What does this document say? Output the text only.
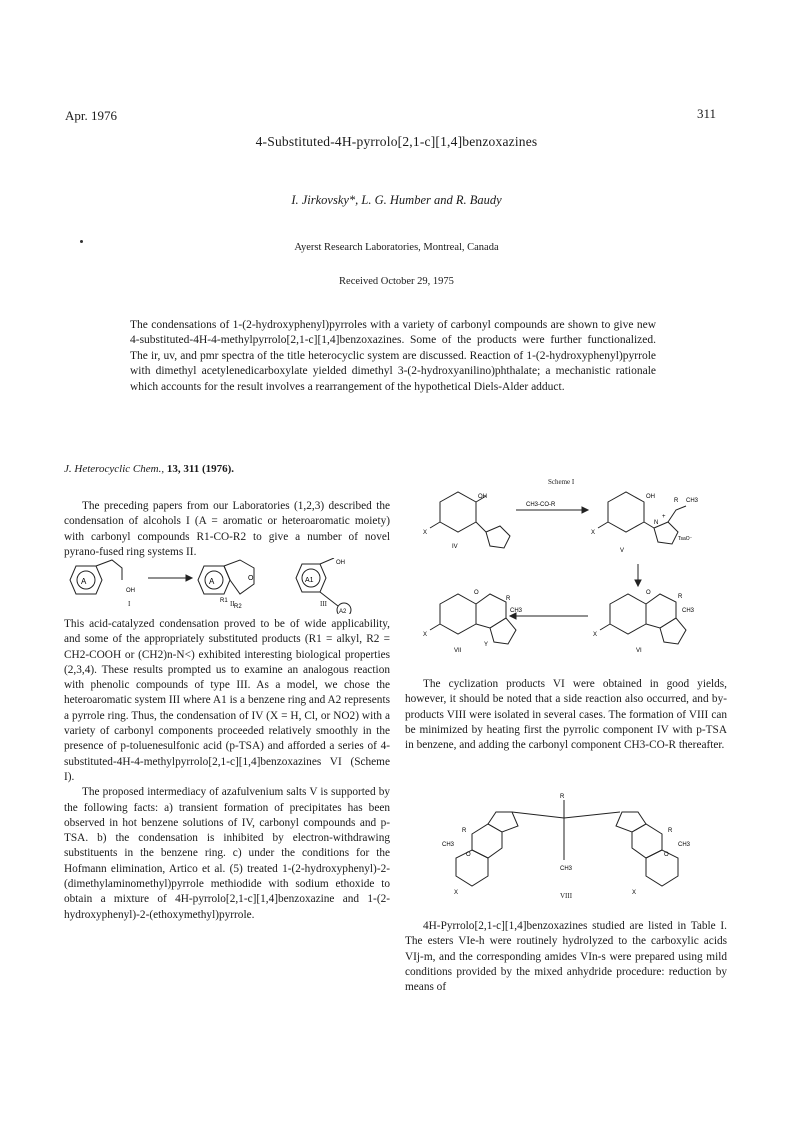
Apr. 1976	311
4-Substituted-4H-pyrrolo[2,1-c][1,4]benzoxazines
I. Jirkovsky*, L. G. Humber and R. Baudy
Ayerst Research Laboratories, Montreal, Canada
Received October 29, 1975
The condensations of 1-(2-hydroxyphenyl)pyrroles with a variety of carbonyl compounds are shown to give new 4-substituted-4H-4-methylpyrrolo[2,1-c][1,4]benzoxazines. Some of the products were further functionalized. The ir, uv, and pmr spectra of the title heterocyclic system are discussed. Reaction of 1-(2-hydroxyphenyl)pyrrole with dimethyl acetylenedicarboxylate yielded dimethyl 3-(2-hydroxyanilino)phthalate; a mechanistic rationale which accounts for the result involves a rearrangement of the hypothetical Diels-Alder adduct.
J. Heterocyclic Chem., 13, 311 (1976).

The preceding papers from our Laboratories (1,2,3) described the condensation of alcohols I (A = aromatic or heteroaromatic moiety) with carbonyl compounds R1-CO-R2 to give a number of novel pyrano-fused ring systems II.

A
OH
A	O
R1
R2
A1
OH
A2
I	II	III

This acid-catalyzed condensation proved to be of wide applicability, and some of the appropriately substituted products (R1 = alkyl, R2 = CH2-COOH or (CH2)n-N<) exhibited interesting biological properties (2,3,4). These results prompted us to examine an analogous reaction with phenolic compounds of type III. As a model, we chose the heteroaromatic system III where A1 is a benzene ring and A2 represents a pyrrole ring. Thus, the condensation of IV (X = H, Cl, or NO2) with a variety of carbonyl components proceeded relatively smoothly in the presence of p-toluenesulfonic acid (p-TSA) and afforded a series of 4-substituted-4H-4-methylpyrrolo[2,1-c][1,4]benzoxazines VI (Scheme I).

The proposed intermediacy of azafulvenium salts V is supported by the following facts: a) transient formation of precipitates has been observed in hot benzene solutions of IV, carbonyl compounds and p-TSA. b) the condensation is inhibited by electron-withdrawing substituents in the benzene ring. c) under the conditions for the Hofmann elimination, Artico et al. (5) treated 1-(2-hydroxyphenyl)-2-(dimethylaminomethyl)pyrrole methiodide with sodium ethoxide to obtain a mixture of 4H-pyrrolo[2,1-c][1,4]benzoxazine and 1-(2-hydroxyphenyl)-2-(ethoxymethyl)pyrrole.

Scheme I
OH
X
IV
CH3-CO-R
OH
R CH3
N
+
X
TsaO⁻
V
O
R
CH3
X
VI
O
R
CH3
X
Y
VII

The cyclization products VI were obtained in good yields, however, it should be noted that a side reaction also occurred, and by-products VIII were isolated in several cases. The formation of VIII can be minimized by heating first the pyrrolic component IV with p-TSA in benzene, and adding the carbonyl component CH3-CO-R thereafter.

R
CH3
R
CH3
O
X
R
CH3
O
X
VIII

4H-Pyrrolo[2,1-c][1,4]benzoxazines studied are listed in Table I. The esters VIe-h were routinely hydrolyzed to the carboxylic acids VIj-m, and the corresponding amides VIn-s were prepared using mild conditions provided by the mixed anhydride procedure: reduction by means of
